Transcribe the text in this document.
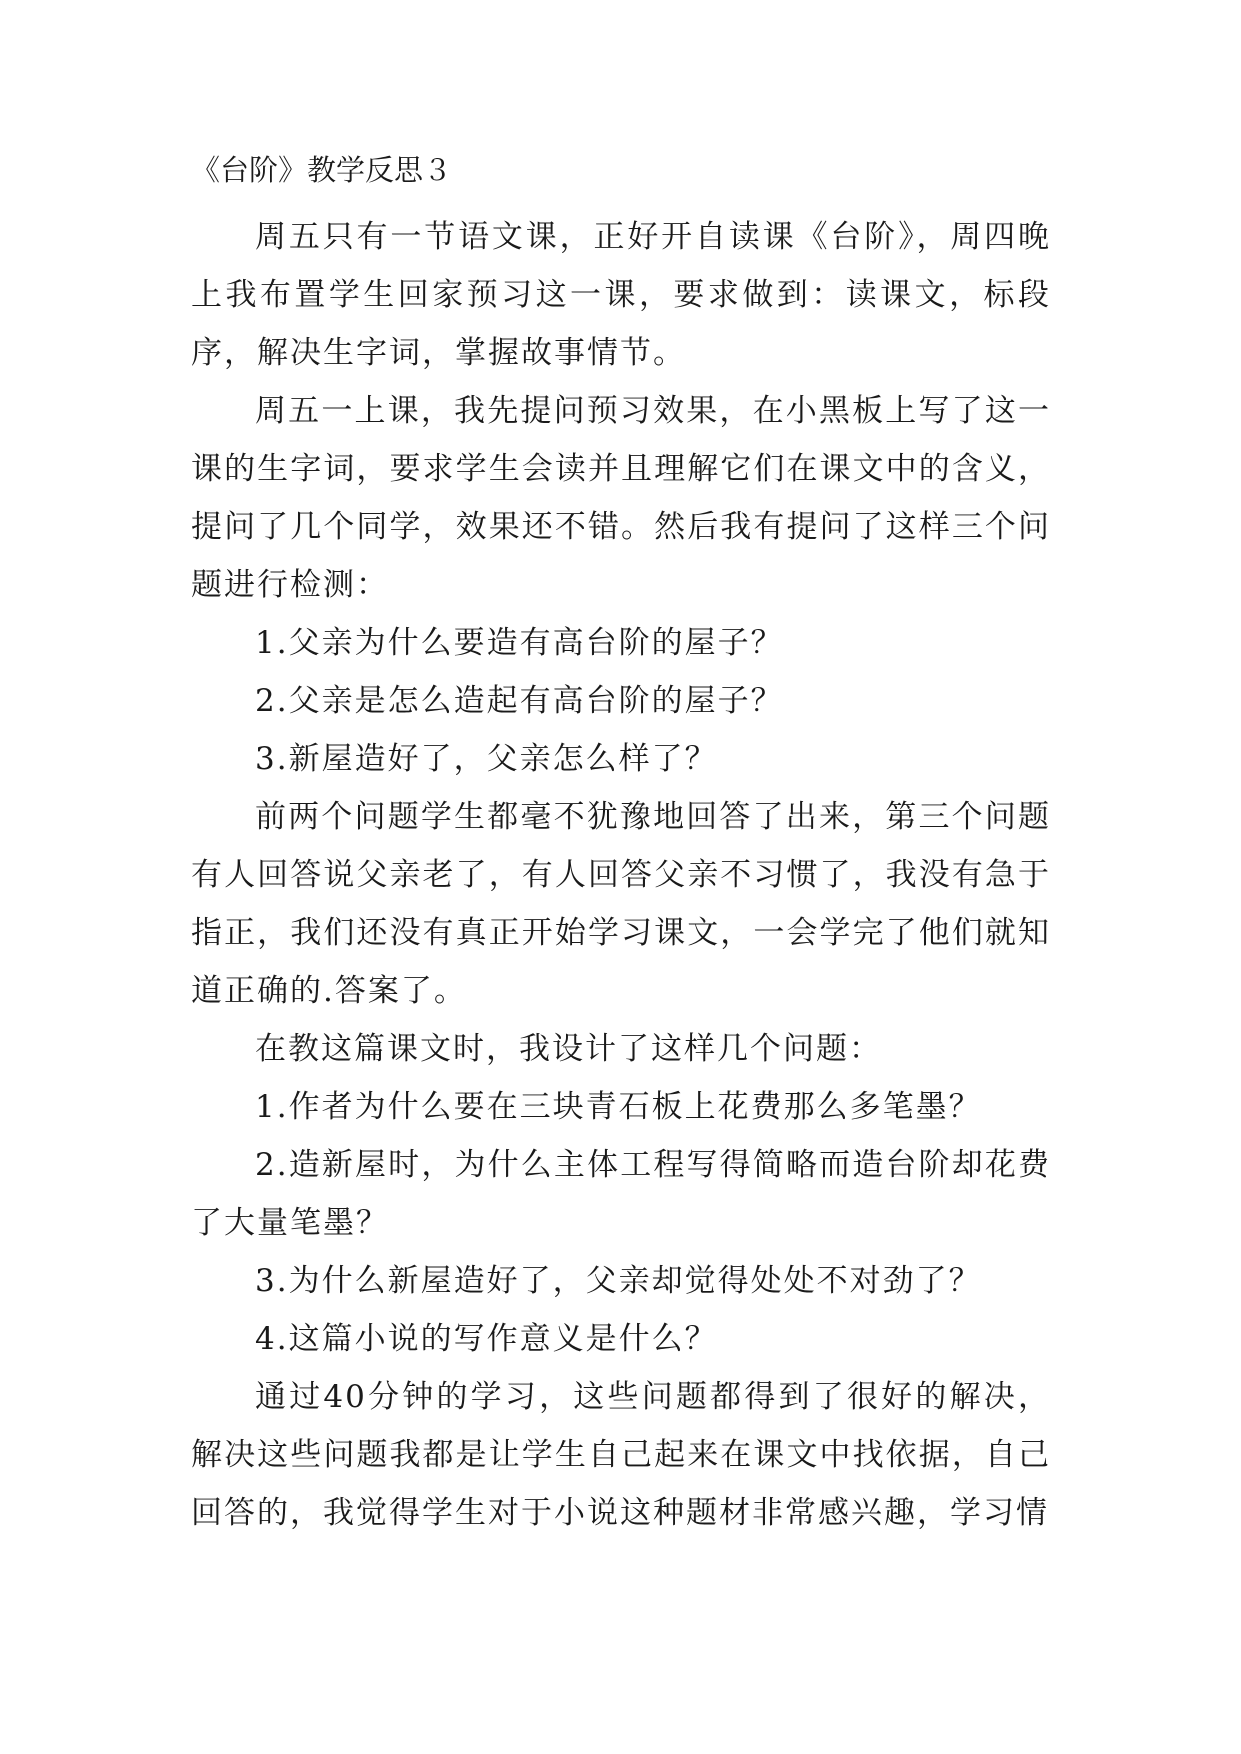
《台阶》教学反思３

周五只有一节语文课，正好开自读课《台阶》，周四晚上我布置学生回家预习这一课，要求做到：读课文，标段序，解决生字词，掌握故事情节。

周五一上课，我先提问预习效果，在小黑板上写了这一课的生字词，要求学生会读并且理解它们在课文中的含义，提问了几个同学，效果还不错。然后我有提问了这样三个问题进行检测：

1.父亲为什么要造有高台阶的屋子？

2.父亲是怎么造起有高台阶的屋子？

3.新屋造好了，父亲怎么样了？

前两个问题学生都毫不犹豫地回答了出来，第三个问题有人回答说父亲老了，有人回答父亲不习惯了，我没有急于指正，我们还没有真正开始学习课文，一会学完了他们就知道正确的.答案了。

在教这篇课文时，我设计了这样几个问题：

1.作者为什么要在三块青石板上花费那么多笔墨？

2.造新屋时，为什么主体工程写得简略而造台阶却花费了大量笔墨？

3.为什么新屋造好了，父亲却觉得处处不对劲了？

4.这篇小说的写作意义是什么？

通过40分钟的学习，这些问题都得到了很好的解决，解决这些问题我都是让学生自己起来在课文中找依据，自己回答的，我觉得学生对于小说这种题材非常感兴趣，学习情
